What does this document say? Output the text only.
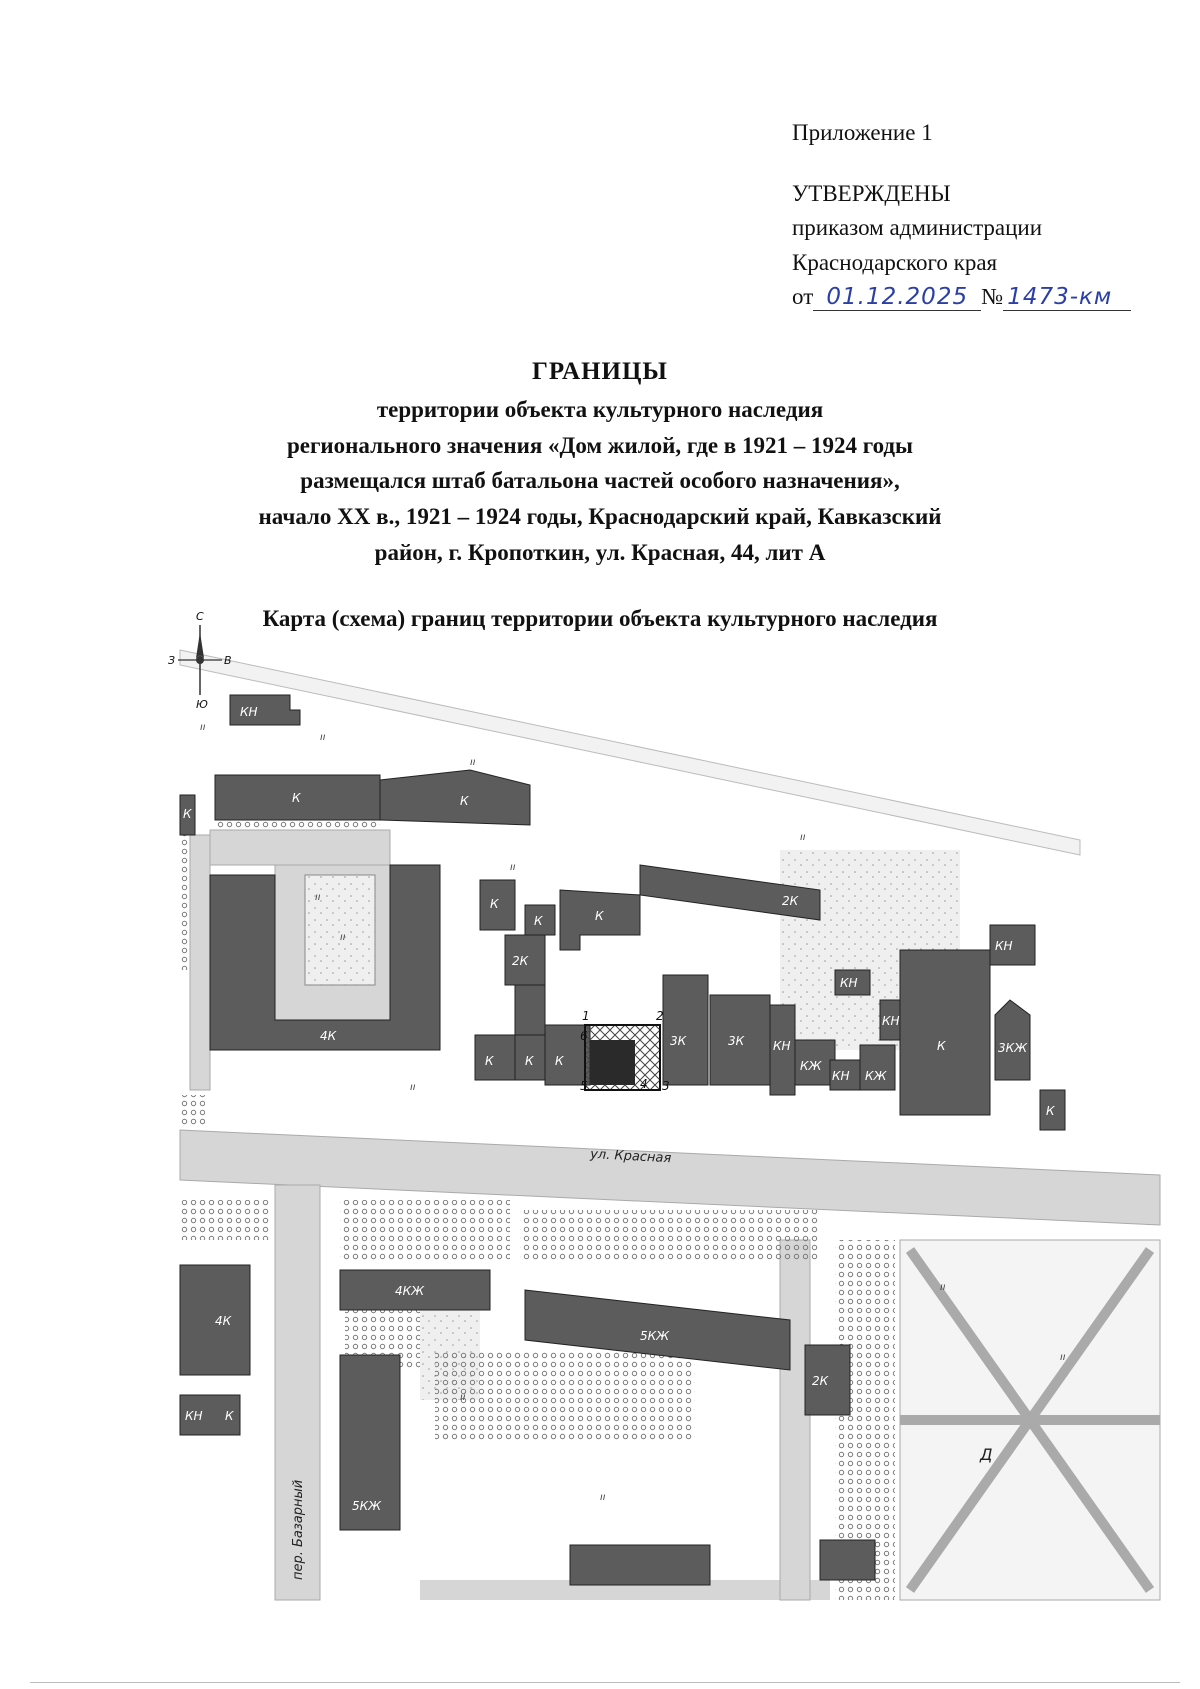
Приложение 1
УТВЕРЖДЕНЫ
приказом администрации
Краснодарского края
от 01.12.2025 № 1473-км
ГРАНИЦЫ
территории объекта культурного наследия
регионального значения «Дом жилой, где в 1921 – 1924 годы
размещался штаб батальона частей особого назначения»,
начало XX в., 1921 – 1924 годы, Краснодарский край, Кавказский
район, г. Кропоткин, ул. Красная, 44, лит А
Карта (схема) границ территории объекта культурного наследия
С
Ю
З	В
КН
К	К
К
4К
К
К	К
2К
2К
К	К К
3К	3К КН
КЖ
КН КЖ
КН
КН
К
КН
3КЖ
К
4К
КН К
4КЖ
5КЖ
2К
5КЖ
ул. Красная
пер. Базарный
Д
1	2
3
4
5
6
ıı
ıı
ıı
ıı
ıı
ıı
ıı
ıı
ıı
ıı
ıı
ıı
